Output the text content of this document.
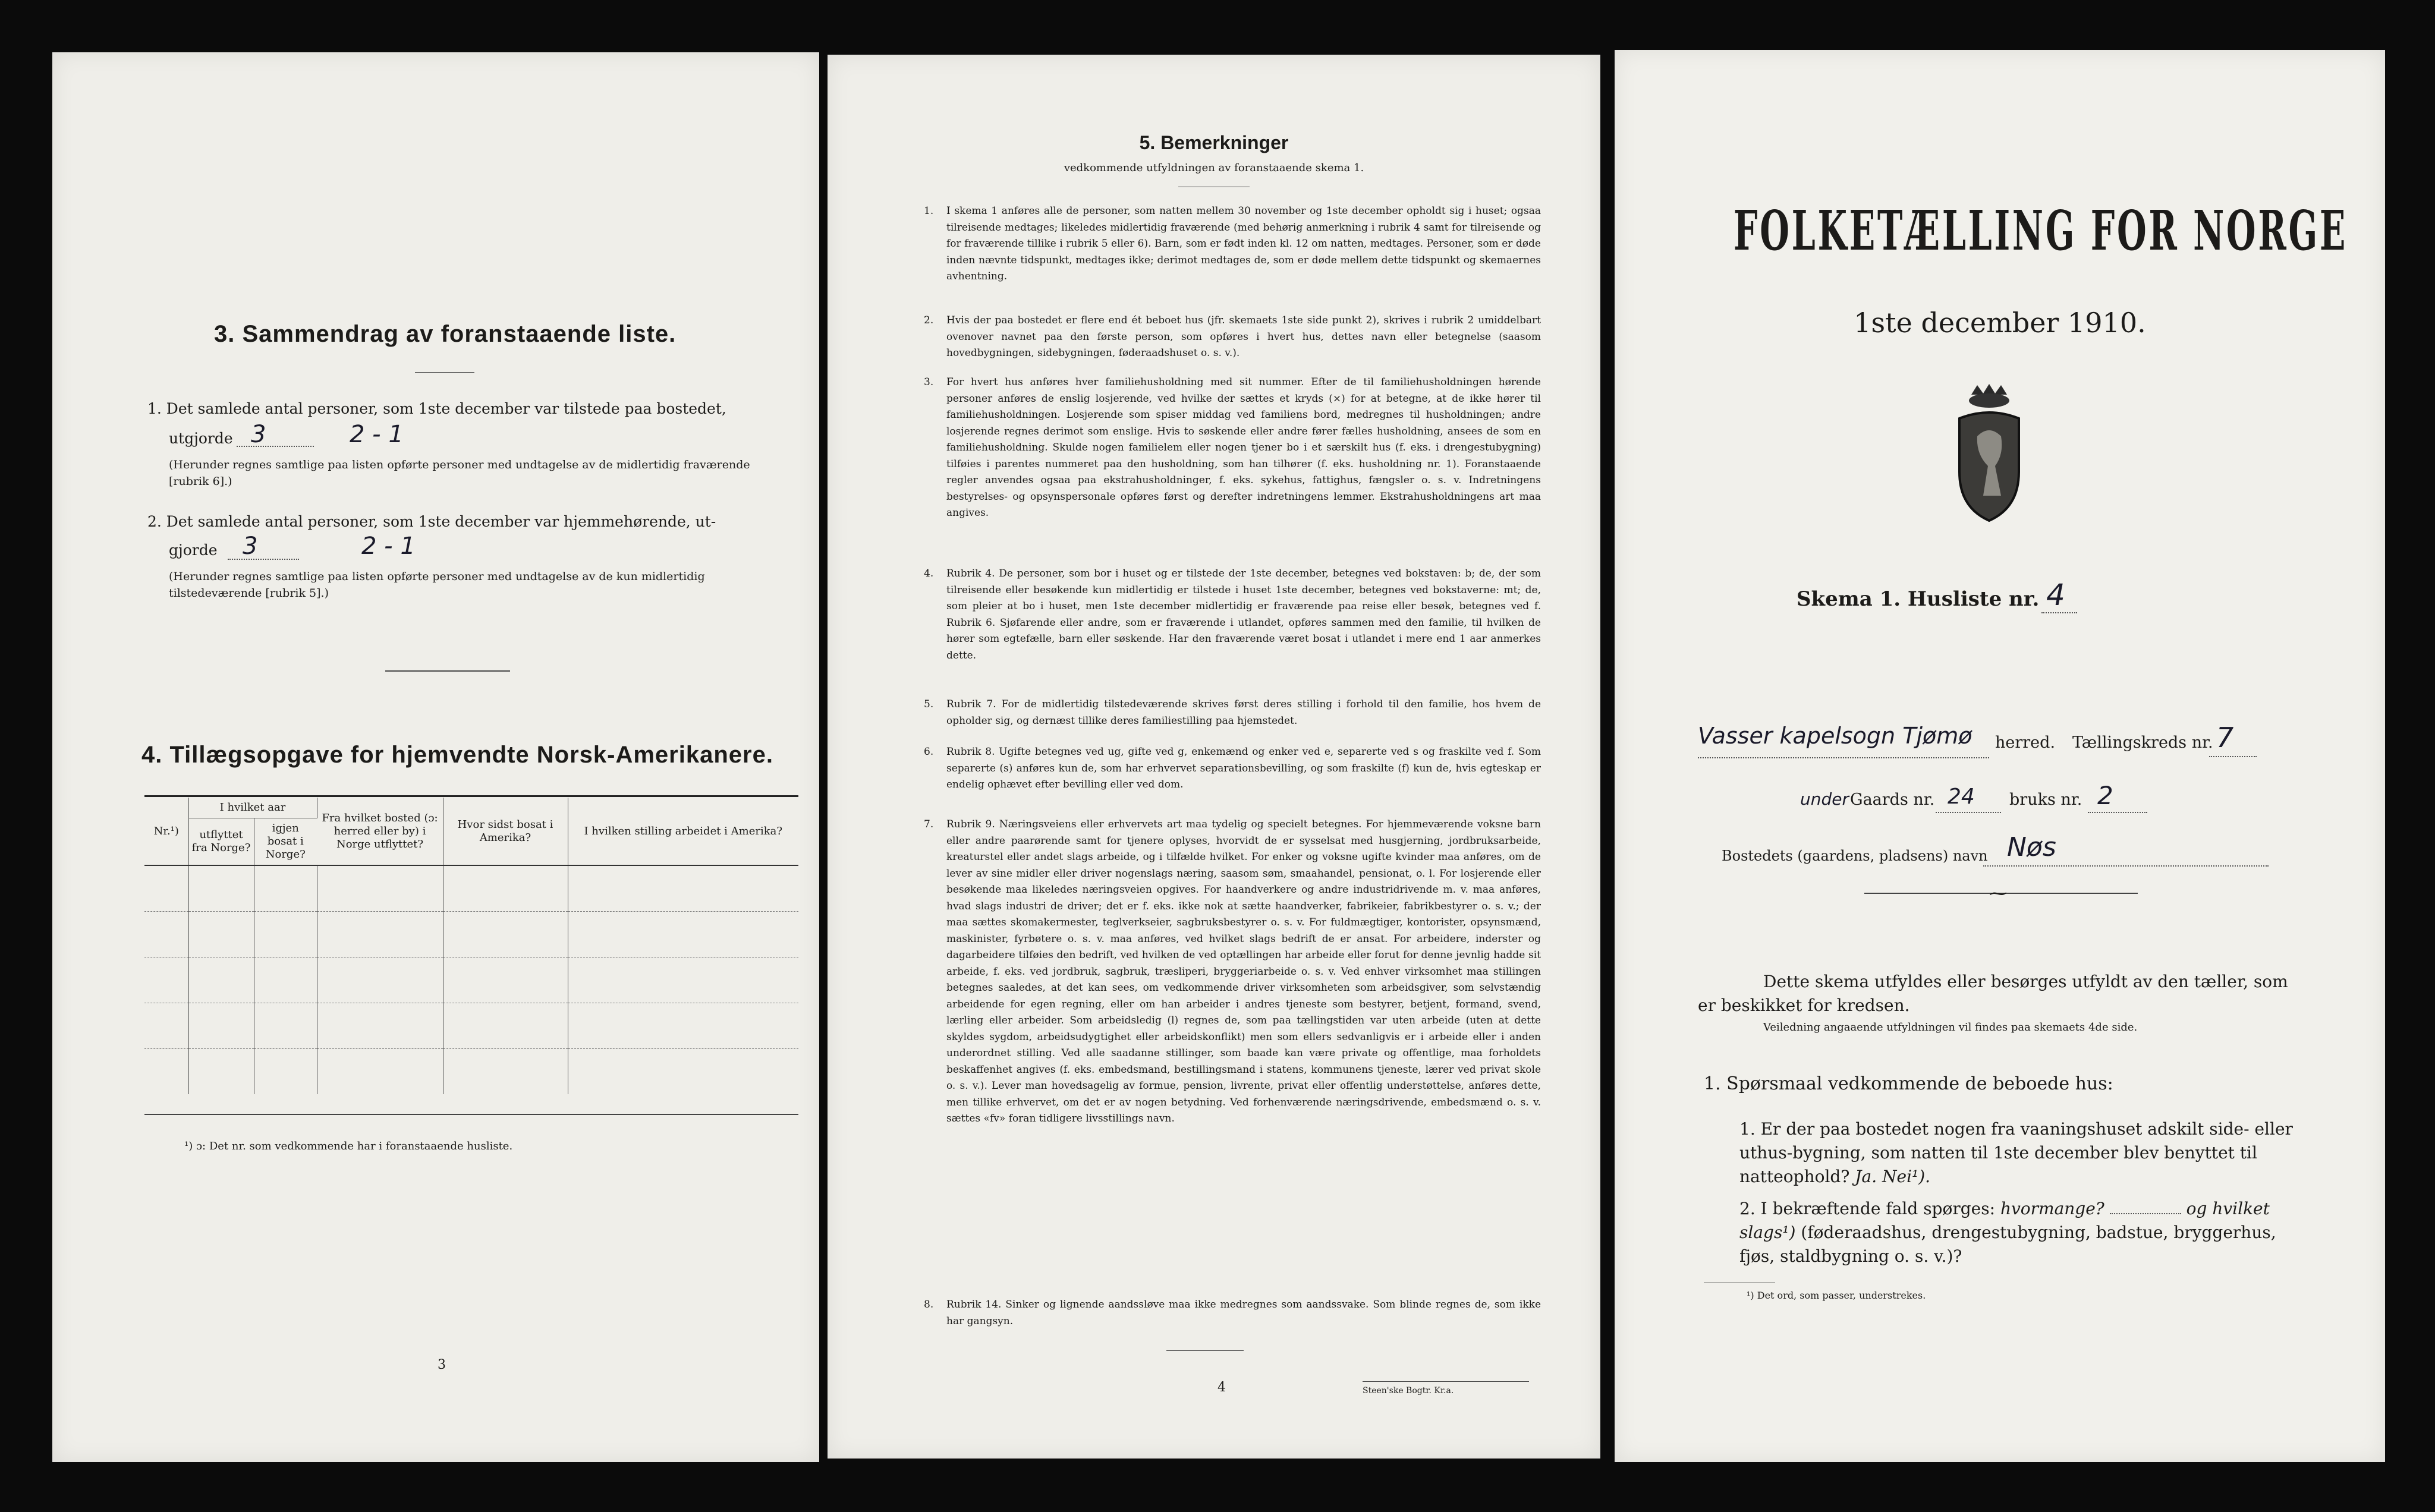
3. Sammendrag av foranstaaende liste.
1. Det samlede antal personer, som 1ste december var tilstede paa bostedet,
utgjorde 3	2 - 1
(Herunder regnes samtlige paa listen opførte personer med undtagelse av de midlertidig fraværende [rubrik 6].)
2. Det samlede antal personer, som 1ste december var hjemmehørende, ut-
gjorde 3	2 - 1
(Herunder regnes samtlige paa listen opførte personer med undtagelse av de kun midlertidig tilstedeværende [rubrik 5].)
4. Tillægsopgave for hjemvendte Norsk-Amerikanere.
Nr.¹)	I hvilket aar		Fra hvilket bosted (ɔ: herred eller by) i Norge utflyttet?	Hvor sidst bosat i Amerika?	I hvilken stilling arbeidet i Amerika?
	utflyttet fra Norge?	igjen bosat i Norge?			

¹) ɔ: Det nr. som vedkommende har i foranstaaende husliste.
3
5. Bemerkninger
vedkommende utfyldningen av foranstaaende skema 1.
1. I skema 1 anføres alle de personer, som natten mellem 30 november og 1ste december opholdt sig i huset; ogsaa tilreisende medtages; likeledes midlertidig fraværende (med behørig anmerkning i rubrik 4 samt for tilreisende og for fraværende tillike i rubrik 5 eller 6). Barn, som er født inden kl. 12 om natten, medtages. Personer, som er døde inden nævnte tidspunkt, medtages ikke; derimot medtages de, som er døde mellem dette tidspunkt og skemaernes avhentning.
2. Hvis der paa bostedet er flere end ét beboet hus (jfr. skemaets 1ste side punkt 2), skrives i rubrik 2 umiddelbart ovenover navnet paa den første person, som opføres i hvert hus, dettes navn eller betegnelse (saasom hovedbygningen, sidebygningen, føderaadshuset o. s. v.).
3. For hvert hus anføres hver familiehusholdning med sit nummer. Efter de til familiehusholdningen hørende personer anføres de enslig losjerende, ved hvilke der sættes et kryds (×) for at betegne, at de ikke hører til familiehusholdningen. Losjerende som spiser middag ved familiens bord, medregnes til husholdningen; andre losjerende regnes derimot som enslige. Hvis to søskende eller andre fører fælles husholdning, ansees de som en familiehusholdning. Skulde nogen familielem eller nogen tjener bo i et særskilt hus (f. eks. i drengestubygning) tilføies i parentes nummeret paa den husholdning, som han tilhører (f. eks. husholdning nr. 1). Foranstaaende regler anvendes ogsaa paa ekstrahusholdninger, f. eks. sykehus, fattighus, fængsler o. s. v. Indretningens bestyrelses- og opsynspersonale opføres først og derefter indretningens lemmer. Ekstrahusholdningens art maa angives.
4. Rubrik 4. De personer, som bor i huset og er tilstede der 1ste december, betegnes ved bokstaven: b; de, der som tilreisende eller besøkende kun midlertidig er tilstede i huset 1ste december, betegnes ved bokstaverne: mt; de, som pleier at bo i huset, men 1ste december midlertidig er fraværende paa reise eller besøk, betegnes ved f. Rubrik 6. Sjøfarende eller andre, som er fraværende i utlandet, opføres sammen med den familie, til hvilken de hører som egtefælle, barn eller søskende. Har den fraværende været bosat i utlandet i mere end 1 aar anmerkes dette.
5. Rubrik 7. For de midlertidig tilstedeværende skrives først deres stilling i forhold til den familie, hos hvem de opholder sig, og dernæst tillike deres familiestilling paa hjemstedet.
6. Rubrik 8. Ugifte betegnes ved ug, gifte ved g, enkemænd og enker ved e, separerte ved s og fraskilte ved f. Som separerte (s) anføres kun de, som har erhvervet separationsbevilling, og som fraskilte (f) kun de, hvis egteskap er endelig ophævet efter bevilling eller ved dom.
7. Rubrik 9. Næringsveiens eller erhvervets art maa tydelig og specielt betegnes. For hjemmeværende voksne barn eller andre paarørende samt for tjenere oplyses, hvorvidt de er sysselsat med husgjerning, jordbruksarbeide, kreaturstel eller andet slags arbeide, og i tilfælde hvilket. For enker og voksne ugifte kvinder maa anføres, om de lever av sine midler eller driver nogenslags næring, saasom søm, smaahandel, pensionat, o. l. For losjerende eller besøkende maa likeledes næringsveien opgives. For haandverkere og andre industridrivende m. v. maa anføres, hvad slags industri de driver; det er f. eks. ikke nok at sætte haandverker, fabrikeier, fabrikbestyrer o. s. v.; der maa sættes skomakermester, teglverkseier, sagbruksbestyrer o. s. v. For fuldmægtiger, kontorister, opsynsmænd, maskinister, fyrbøtere o. s. v. maa anføres, ved hvilket slags bedrift de er ansat. For arbeidere, inderster og dagarbeidere tilføies den bedrift, ved hvilken de ved optællingen har arbeide eller forut for denne jevnlig hadde sit arbeide, f. eks. ved jordbruk, sagbruk, træsliperi, bryggeriarbeide o. s. v. Ved enhver virksomhet maa stillingen betegnes saaledes, at det kan sees, om vedkommende driver virksomheten som arbeidsgiver, som selvstændig arbeidende for egen regning, eller om han arbeider i andres tjeneste som bestyrer, betjent, formand, svend, lærling eller arbeider. Som arbeidsledig (l) regnes de, som paa tællingstiden var uten arbeide (uten at dette skyldes sygdom, arbeidsudygtighet eller arbeidskonflikt) men som ellers sedvanligvis er i arbeide eller i anden underordnet stilling. Ved alle saadanne stillinger, som baade kan være private og offentlige, maa forholdets beskaffenhet angives (f. eks. embedsmand, bestillingsmand i statens, kommunens tjeneste, lærer ved privat skole o. s. v.). Lever man hovedsagelig av formue, pension, livrente, privat eller offentlig understøttelse, anføres dette, men tillike erhvervet, om det er av nogen betydning. Ved forhenværende næringsdrivende, embedsmænd o. s. v. sættes «fv» foran tidligere livsstillings navn.
8. Rubrik 14. Sinker og lignende aandssløve maa ikke medregnes som aandssvake. Som blinde regnes de, som ikke har gangsyn.
4	Steen'ske Bogtr. Kr.a.
FOLKETÆLLING FOR NORGE
1ste december 1910.
Skema 1. Husliste nr. 4
Vasser kapelsogn Tjømø herred. Tællingskreds nr. 7
under Gaards nr. 24 bruks nr. 2
Bostedets (gaardens, pladsens) navn Nøs
⁓
Dette skema utfyldes eller besørges utfyldt av den tæller, som er beskikket for kredsen.
Veiledning angaaende utfyldningen vil findes paa skemaets 4de side.
1. Spørsmaal vedkommende de beboede hus:
1. Er der paa bostedet nogen fra vaaningshuset adskilt side- eller uthus-bygning, som natten til 1ste december blev benyttet til natteophold? Ja. Nei¹).
2. I bekræftende fald spørges: hvormange?	og hvilket slags¹) (føderaadshus, drengestubygning, badstue, bryggerhus, fjøs, staldbygning o. s. v.)?
¹) Det ord, som passer, understrekes.
